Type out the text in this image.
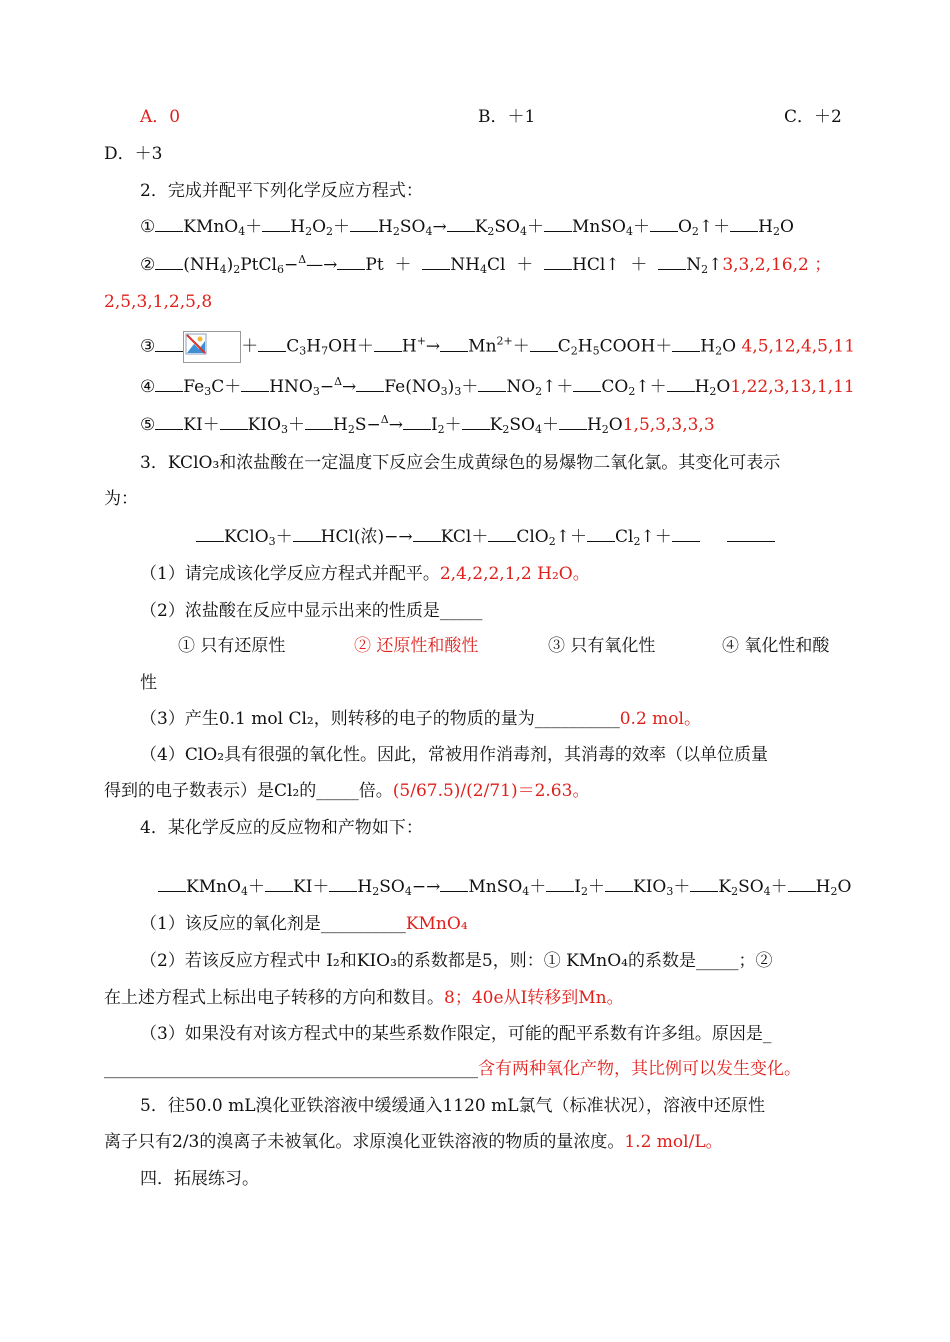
A．0	B．＋1	C．＋2
D．＋3
2．完成并配平下列化学反应方程式：
① KMnO$_4$＋ $H_2O_2+ H_2SO_4\to K_2SO_4+$ MnSO$_4$＋ $O_2↑+ H_2O$
② $(NH_4)_2PtCl_6-^\Delta—\to Pt + NH_4Cl$  ＋  HCl↑  ＋  $N_2↑3,3,2,16,2$ ；
2,5,3,1,2,5,8
③	＋ $C_3H_7OH+ H^+\to Mn^{2+}+$ $C_2H_5COOH+ H_2O$ 4,5,12,4,5,11
④ $Fe_3C+ HNO_3-^\Delta\to Fe(NO_3)_3+$ $NO_2↑+$ $CO_2↑+ H_2O1,22,3,13,1,11$
⑤ $KI+ KIO_3+ H_2S-^\Delta\to I_2+ K_2SO_4+ H_2O1,5,3,3,3,3$
3．KClO₃和浓盐酸在一定温度下反应会生成黄绿色的易爆物二氧化氯。其变化可表示
为：
KClO$_3$＋ HCl(浓)−→ KCl＋ ClO$_2$↑＋ $Cl_2↑+$
（1）请完成该化学反应方程式并配平。2,4,2,2,1,2 H₂O。
（2）浓盐酸在反应中显示出来的性质是_____
① 只有还原性	② 还原性和酸性	③ 只有氧化性	④ 氧化性和酸
性
（3）产生0.1 mol Cl₂，则转移的电子的物质的量为__________0.2 mol。
（4）ClO₂具有很强的氧化性。因此，常被用作消毒剂，其消毒的效率（以单位质量
得到的电子数表示）是Cl₂的_____倍。(5/67.5)/(2/71)＝2.63。
4．某化学反应的反应物和产物如下：
KMnO$_4$＋ $KI+ H_2SO_4-\to$ MnSO$_4$＋ $I_2+ KIO_3+ K_2SO_4+ H_2O$
（1）该反应的氧化剂是__________KMnO₄
（2）若该反应方程式中 I₂和KIO₃的系数都是5，则：① KMnO₄的系数是_____；②
在上述方程式上标出电子转移的方向和数目。8；40e从I转移到Mn。
（3）如果没有对该方程式中的某些系数作限定，可能的配平系数有许多组。原因是_
____________________________________________含有两种氧化产物，其比例可以发生变化。
5．往50.0 mL溴化亚铁溶液中缓缓通入1120 mL氯气（标准状况），溶液中还原性
离子只有2/3的溴离子未被氧化。求原溴化亚铁溶液的物质的量浓度。1.2 mol/L。
四．拓展练习。
